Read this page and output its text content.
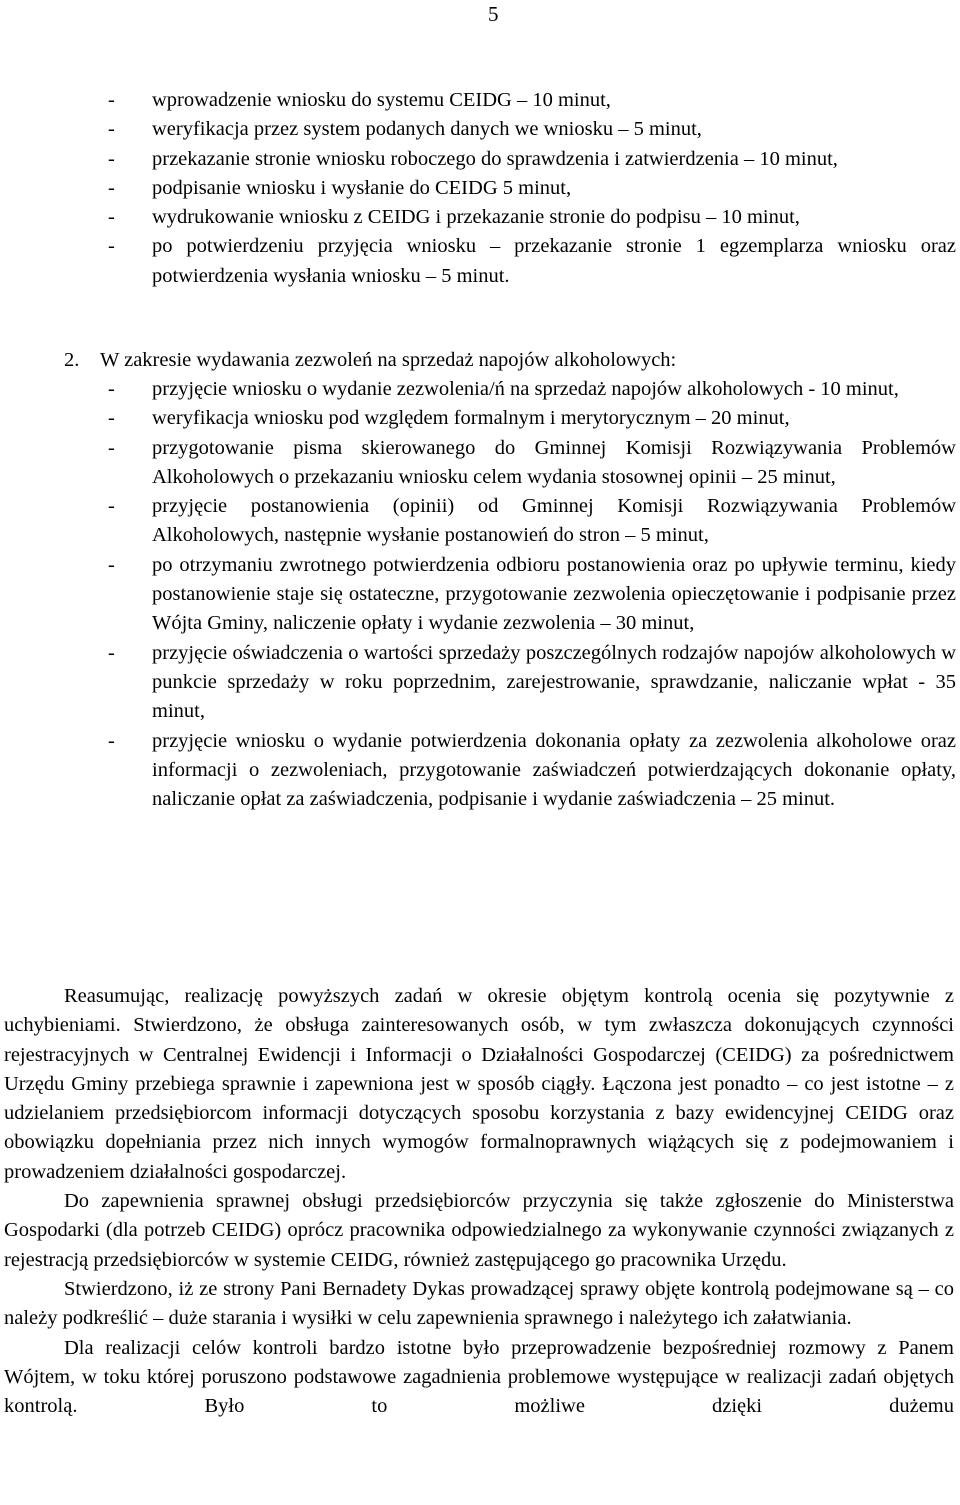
5
-	wprowadzenie wniosku do systemu CEIDG – 10 minut,
-	weryfikacja przez system podanych danych we wniosku – 5 minut,
-	przekazanie stronie wniosku roboczego do sprawdzenia i zatwierdzenia – 10 minut,
-	podpisanie wniosku i wysłanie do CEIDG 5 minut,
-	wydrukowanie wniosku z CEIDG i przekazanie stronie do podpisu – 10 minut,
-	po potwierdzeniu przyjęcia wniosku – przekazanie stronie 1 egzemplarza wniosku oraz potwierdzenia wysłania wniosku – 5 minut.
2. W zakresie wydawania zezwoleń na sprzedaż napojów alkoholowych:
-	przyjęcie wniosku o wydanie zezwolenia/ń na sprzedaż napojów alkoholowych - 10 minut,
-	weryfikacja wniosku pod względem formalnym i merytorycznym – 20 minut,
-	przygotowanie pisma skierowanego do Gminnej Komisji Rozwiązywania Problemów Alkoholowych o przekazaniu wniosku celem wydania stosownej opinii – 25 minut,
-	przyjęcie postanowienia (opinii) od Gminnej Komisji Rozwiązywania Problemów Alkoholowych, następnie wysłanie postanowień do stron – 5 minut,
-	po otrzymaniu zwrotnego potwierdzenia odbioru postanowienia oraz po upływie terminu, kiedy postanowienie staje się ostateczne, przygotowanie zezwolenia opieczętowanie i podpisanie przez Wójta Gminy, naliczenie opłaty i wydanie zezwolenia – 30 minut,
-	przyjęcie oświadczenia o wartości sprzedaży poszczególnych rodzajów napojów alkoholowych w punkcie sprzedaży w roku poprzednim, zarejestrowanie, sprawdzanie, naliczanie wpłat - 35 minut,
-	przyjęcie wniosku o wydanie potwierdzenia dokonania opłaty za zezwolenia alkoholowe oraz informacji o zezwoleniach, przygotowanie zaświadczeń potwierdzających dokonanie opłaty, naliczanie opłat za zaświadczenia, podpisanie i wydanie zaświadczenia – 25 minut.

Reasumując, realizację powyższych zadań w okresie objętym kontrolą ocenia się pozytywnie z uchybieniami. Stwierdzono, że obsługa zainteresowanych osób, w tym zwłaszcza dokonujących czynności rejestracyjnych w Centralnej Ewidencji i Informacji o Działalności Gospodarczej (CEIDG) za pośrednictwem Urzędu Gminy przebiega sprawnie i zapewniona jest w sposób ciągły. Łączona jest ponadto – co jest istotne – z udzielaniem przedsiębiorcom informacji dotyczących sposobu korzystania z bazy ewidencyjnej CEIDG oraz obowiązku dopełniania przez nich innych wymogów formalnoprawnych wiążących się z podejmowaniem i prowadzeniem działalności gospodarczej.

Do zapewnienia sprawnej obsługi przedsiębiorców przyczynia się także zgłoszenie do Ministerstwa Gospodarki (dla potrzeb CEIDG) oprócz pracownika odpowiedzialnego za wykonywanie czynności związanych z rejestracją przedsiębiorców w systemie CEIDG, również zastępującego go pracownika Urzędu.

Stwierdzono, iż ze strony Pani Bernadety Dykas prowadzącej sprawy objęte kontrolą podejmowane są – co należy podkreślić – duże starania i wysiłki w celu zapewnienia sprawnego i należytego ich załatwiania.

Dla realizacji celów kontroli bardzo istotne było przeprowadzenie bezpośredniej rozmowy z Panem Wójtem, w toku której poruszono podstawowe zagadnienia problemowe występujące w realizacji zadań objętych kontrolą. Było to możliwe dzięki dużemu
